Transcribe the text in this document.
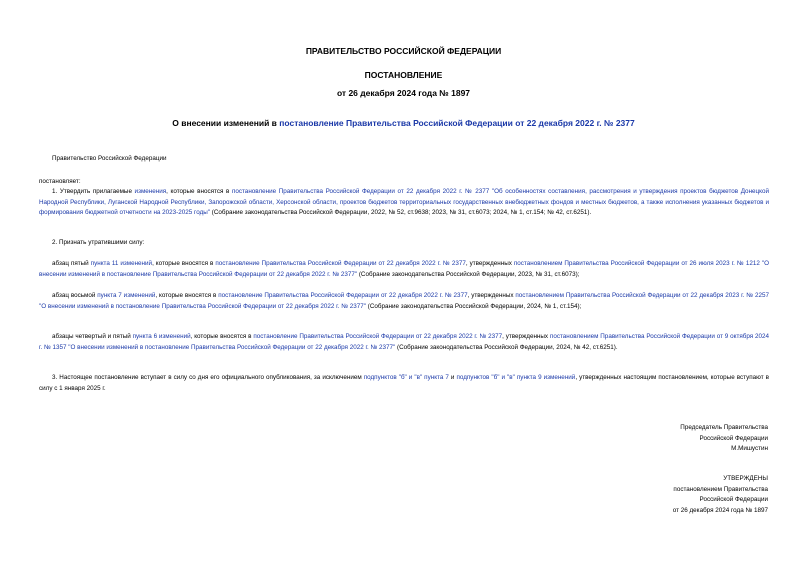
ПРАВИТЕЛЬСТВО РОССИЙСКОЙ ФЕДЕРАЦИИ
ПОСТАНОВЛЕНИЕ
от 26 декабря 2024 года № 1897
О внесении изменений в постановление Правительства Российской Федерации от 22 декабря 2022 г. № 2377
Правительство Российской Федерации
постановляет:
1. Утвердить прилагаемые изменения, которые вносятся в постановление Правительства Российской Федерации от 22 декабря 2022 г. № 2377 "Об особенностях составления, рассмотрения и утверждения проектов бюджетов Донецкой Народной Республики, Луганской Народной Республики, Запорожской области, Херсонской области, проектов бюджетов территориальных государственных внебюджетных фондов и местных бюджетов, а также исполнения указанных бюджетов и формирования бюджетной отчетности на 2023-2025 годы" (Собрание законодательства Российской Федерации, 2022, № 52, ст.9638; 2023, № 31, ст.6073; 2024, № 1, ст.154; № 42, ст.6251).
2. Признать утратившими силу:
абзац пятый пункта 11 изменений, которые вносятся в постановление Правительства Российской Федерации от 22 декабря 2022 г. № 2377, утвержденных постановлением Правительства Российской Федерации от 26 июля 2023 г. № 1212 "О внесении изменений в постановление Правительства Российской Федерации от 22 декабря 2022 г. № 2377" (Собрание законодательства Российской Федерации, 2023, № 31, ст.6073);
абзац восьмой пункта 7 изменений, которые вносятся в постановление Правительства Российской Федерации от 22 декабря 2022 г. № 2377, утвержденных постановлением Правительства Российской Федерации от 22 декабря 2023 г. № 2257 "О внесении изменений в постановление Правительства Российской Федерации от 22 декабря 2022 г. № 2377" (Собрание законодательства Российской Федерации, 2024, № 1, ст.154);
абзацы четвертый и пятый пункта 6 изменений, которые вносятся в постановление Правительства Российской Федерации от 22 декабря 2022 г. № 2377, утвержденных постановлением Правительства Российской Федерации от 9 октября 2024 г. № 1357 "О внесении изменений в постановление Правительства Российской Федерации от 22 декабря 2022 г. № 2377" (Собрание законодательства Российской Федерации, 2024, № 42, ст.6251).
3. Настоящее постановление вступает в силу со дня его официального опубликования, за исключением подпунктов "б" и "в" пункта 7 и подпунктов "б" и "в" пункта 9 изменений, утвержденных настоящим постановлением, которые вступают в силу с 1 января 2025 г.
Председатель Правительства
Российской Федерации
М.Мишустин
УТВЕРЖДЕНЫ
постановлением Правительства
Российской Федерации
от 26 декабря 2024 года № 1897
